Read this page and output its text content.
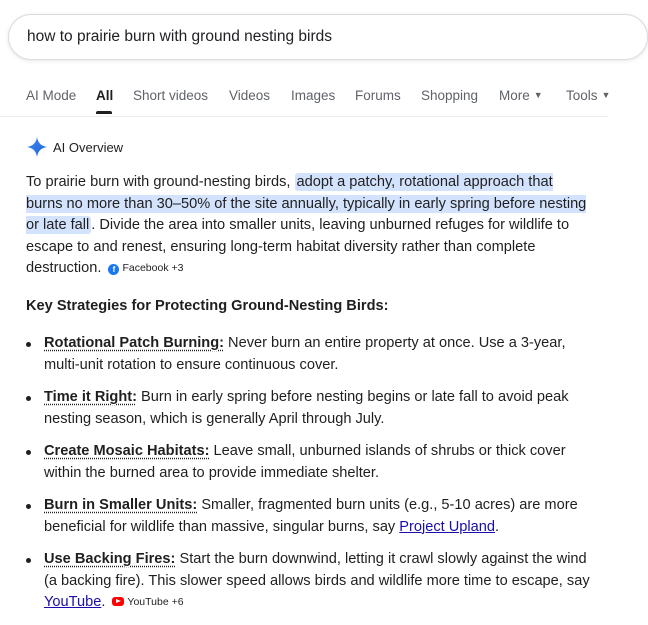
how to prairie burn with ground nesting birds
AI Mode All Short videos Videos Images Forums Shopping More ▼ Tools ▼
AI Overview

To prairie burn with ground-nesting birds, adopt a patchy, rotational approach that burns no more than 30–50% of the site annually, typically in early spring before nesting or late fall . Divide the area into smaller units, leaving unburned refuges for wildlife to escape to and renest, ensuring long-term habitat diversity rather than complete destruction. f Facebook +3

Key Strategies for Protecting Ground-Nesting Birds:

Rotational Patch Burning: Never burn an entire property at once. Use a 3-year, multi-unit rotation to ensure continuous cover.
Time it Right: Burn in early spring before nesting begins or late fall to avoid peak nesting season, which is generally April through July.
Create Mosaic Habitats: Leave small, unburned islands of shrubs or thick cover within the burned area to provide immediate shelter.
Burn in Smaller Units: Smaller, fragmented burn units (e.g., 5-10 acres) are more beneficial for wildlife than massive, singular burns, say Project Upland.
Use Backing Fires: Start the burn downwind, letting it crawl slowly against the wind (a backing fire). This slower speed allows birds and wildlife more time to escape, say YouTube. YouTube +6
